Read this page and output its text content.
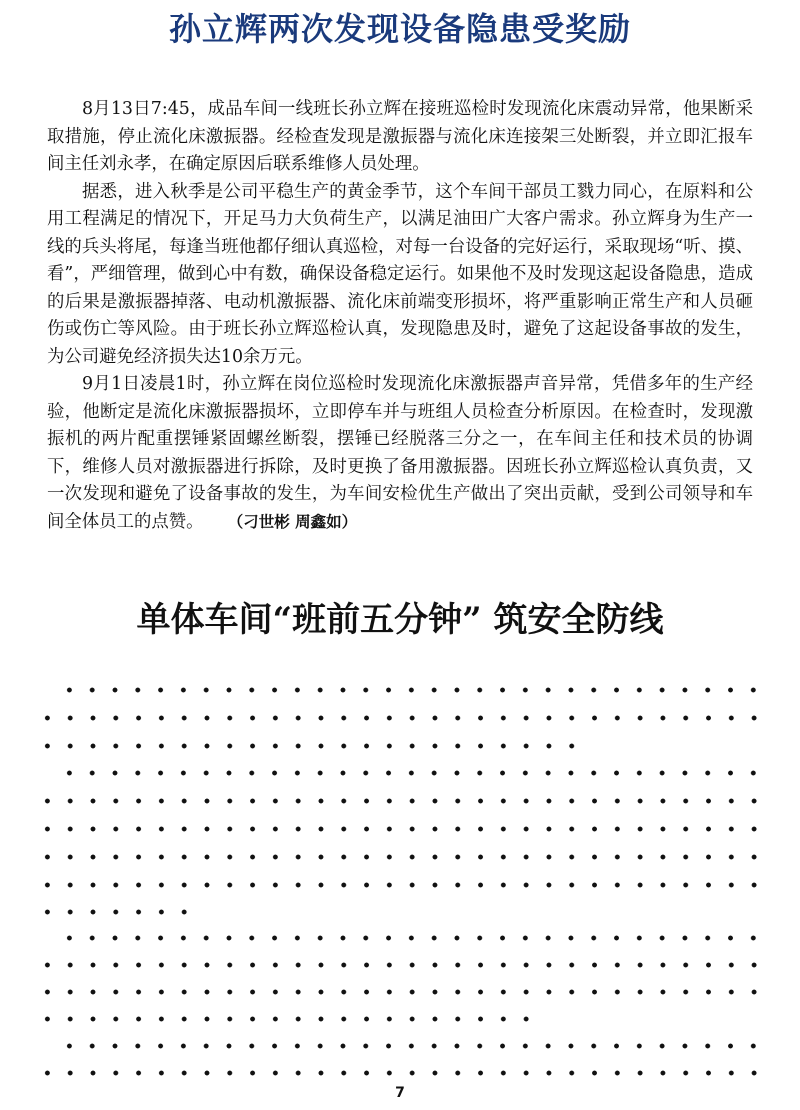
孙立辉两次发现设备隐患受奖励

8月13日7:45，成品车间一线班长孙立辉在接班巡检时发现流化床震动异常，他果断采取措施，停止流化床激振器。经检查发现是激振器与流化床连接架三处断裂，并立即汇报车间主任刘永孝，在确定原因后联系维修人员处理。

据悉，进入秋季是公司平稳生产的黄金季节，这个车间干部员工戮力同心，在原料和公用工程满足的情况下，开足马力大负荷生产，以满足油田广大客户需求。孙立辉身为生产一线的兵头将尾，每逢当班他都仔细认真巡检，对每一台设备的完好运行，采取现场“听、摸、看”，严细管理，做到心中有数，确保设备稳定运行。如果他不及时发现这起设备隐患，造成的后果是激振器掉落、电动机激振器、流化床前端变形损坏，将严重影响正常生产和人员砸伤或伤亡等风险。由于班长孙立辉巡检认真，发现隐患及时，避免了这起设备事故的发生，为公司避免经济损失达10余万元。

9月1日凌晨1时，孙立辉在岗位巡检时发现流化床激振器声音异常，凭借多年的生产经验，他断定是流化床激振器损坏，立即停车并与班组人员检查分析原因。在检查时，发现激振机的两片配重摆锤紧固螺丝断裂，摆锤已经脱落三分之一，在车间主任和技术员的协调下，维修人员对激振器进行拆除，及时更换了备用激振器。因班长孙立辉巡检认真负责，又一次发现和避免了设备事故的发生，为车间安检优生产做出了突出贡献，受到公司领导和车间全体员工的点赞。 （刁世彬 周鑫如）

单体车间“班前五分钟” 筑安全防线
7
